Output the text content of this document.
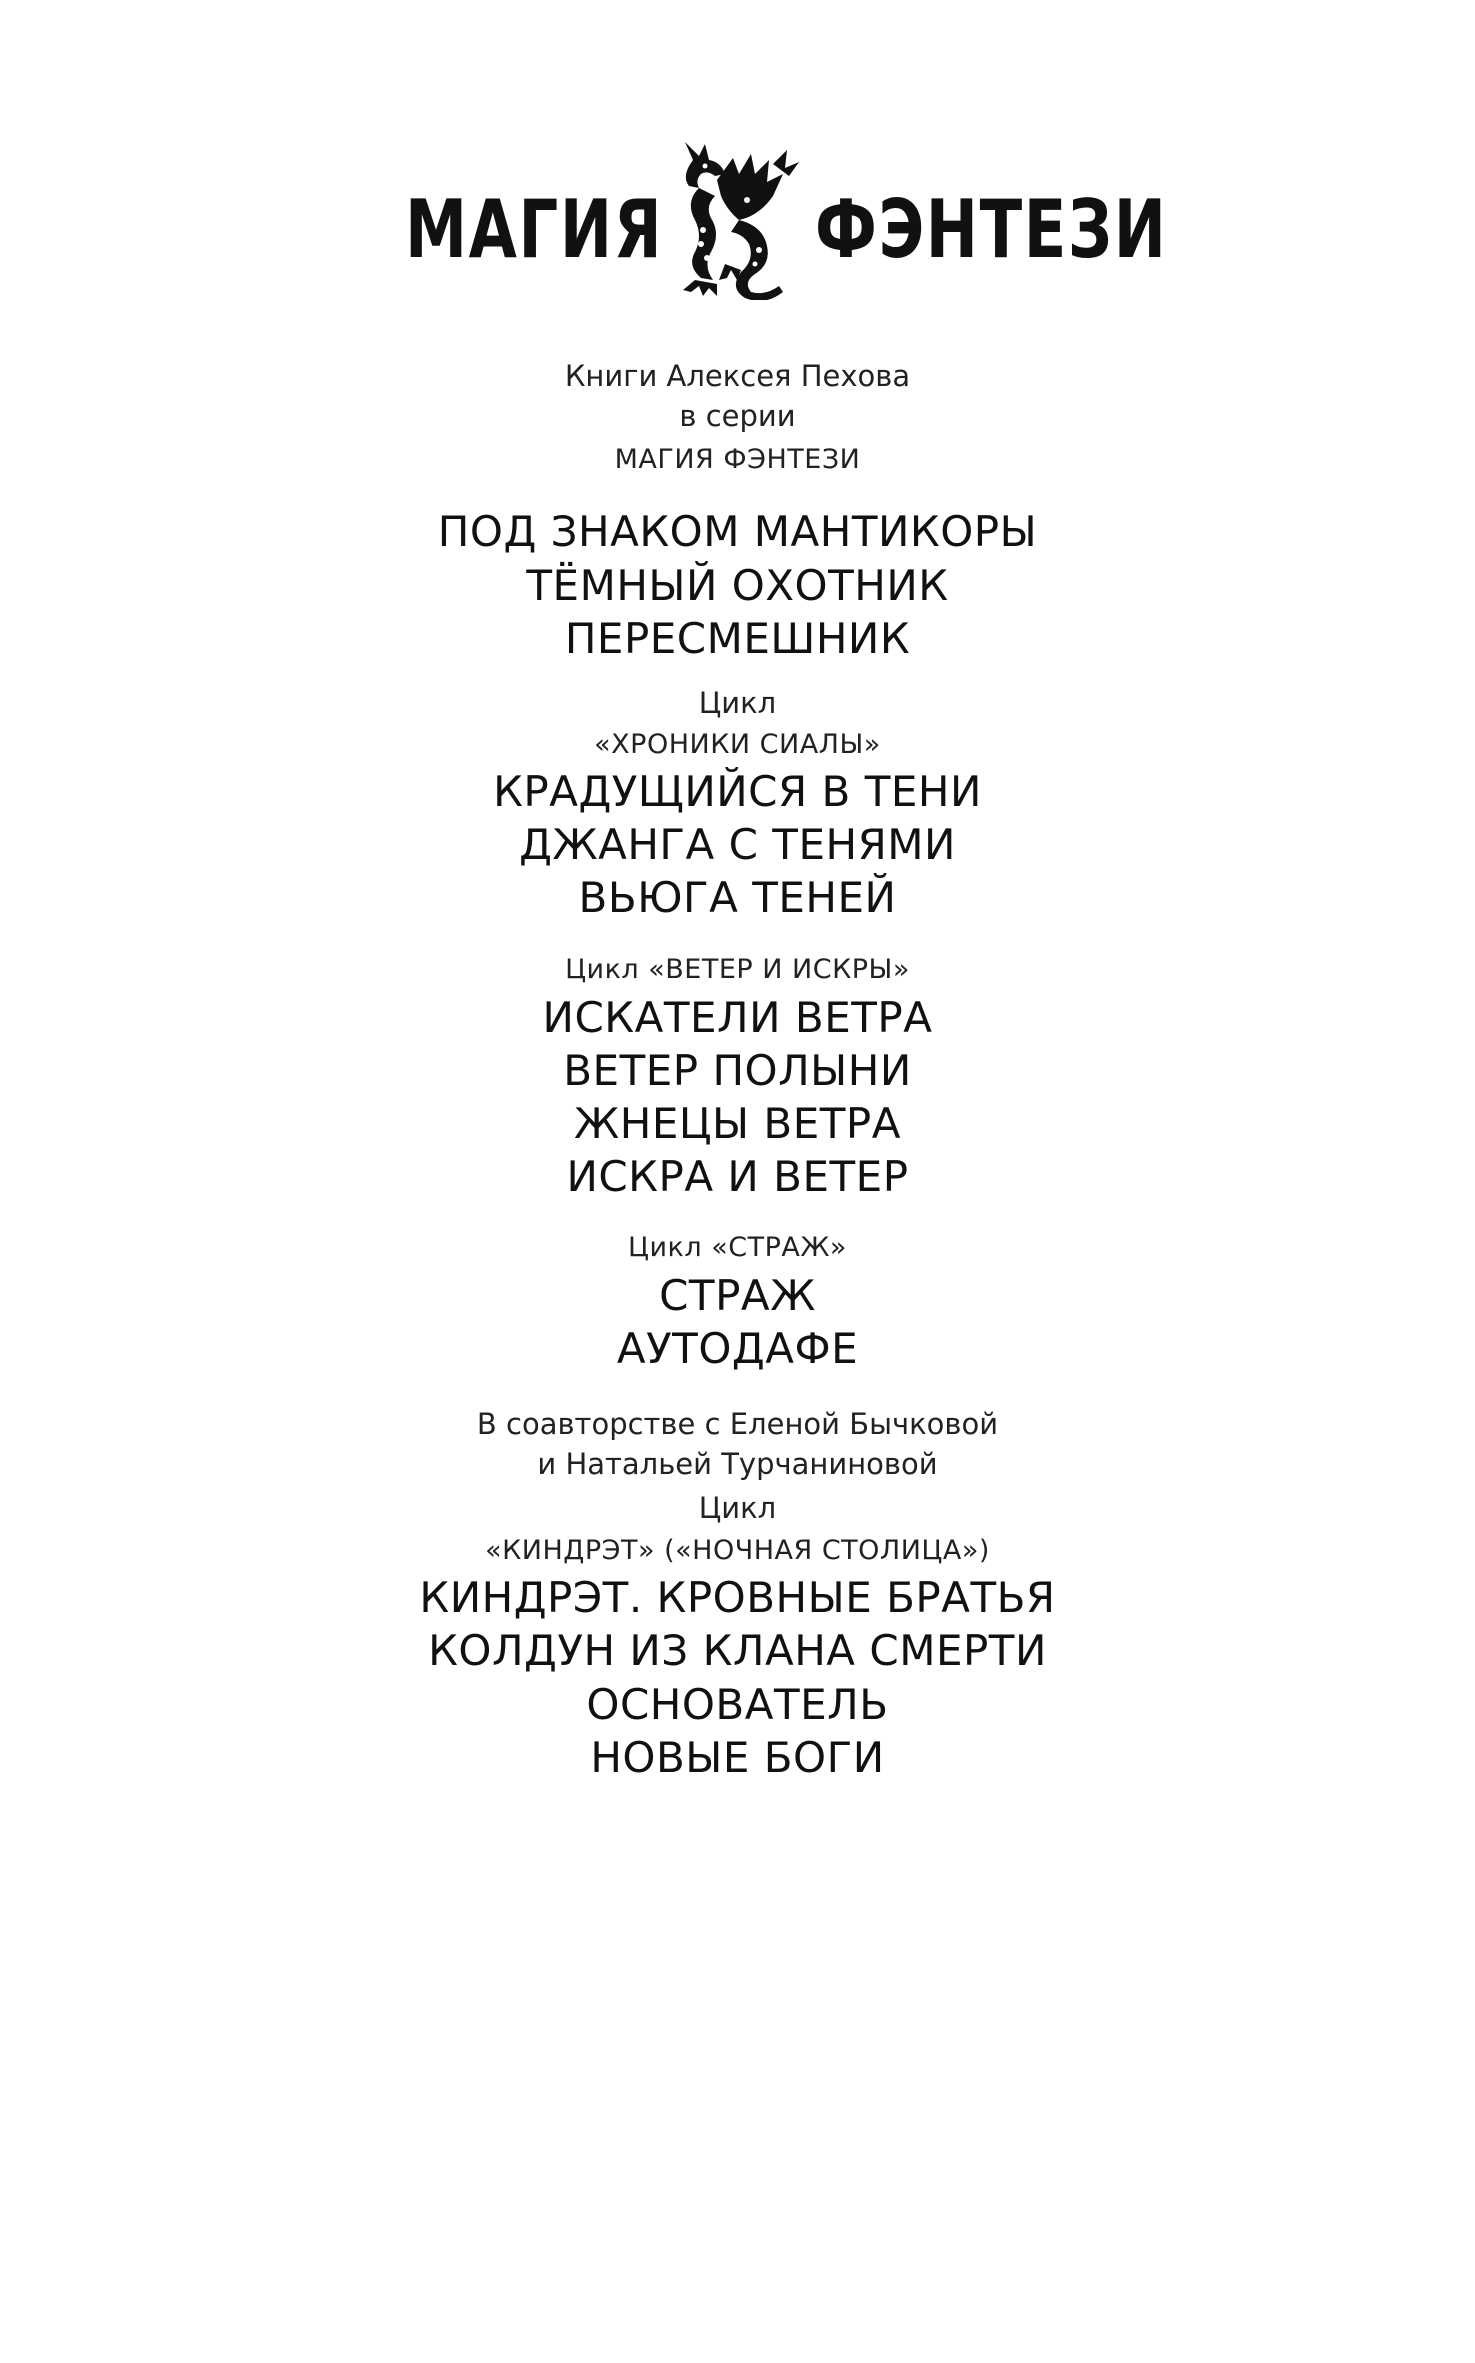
МАГИЯ ФЭНТЕЗИ
Книги Алексея Пехова
в серии
МАГИЯ ФЭНТЕЗИ
ПОД ЗНАКОМ МАНТИКОРЫ
ТЁМНЫЙ ОХОТНИК
ПЕРЕСМЕШНИК
Цикл
«ХРОНИКИ СИАЛЫ»
КРАДУЩИЙСЯ В ТЕНИ
ДЖАНГА С ТЕНЯМИ
ВЬЮГА ТЕНЕЙ
Цикл «ВЕТЕР И ИСКРЫ»
ИСКАТЕЛИ ВЕТРА
ВЕТЕР ПОЛЫНИ
ЖНЕЦЫ ВЕТРА
ИСКРА И ВЕТЕР
Цикл «СТРАЖ»
СТРАЖ
АУТОДАФЕ
В соавторстве с Еленой Бычковой
и Натальей Турчаниновой
Цикл
«КИНДРЭТ» («НОЧНАЯ СТОЛИЦА»)
КИНДРЭТ. КРОВНЫЕ БРАТЬЯ
КОЛДУН ИЗ КЛАНА СМЕРТИ
ОСНОВАТЕЛЬ
НОВЫЕ БОГИ
